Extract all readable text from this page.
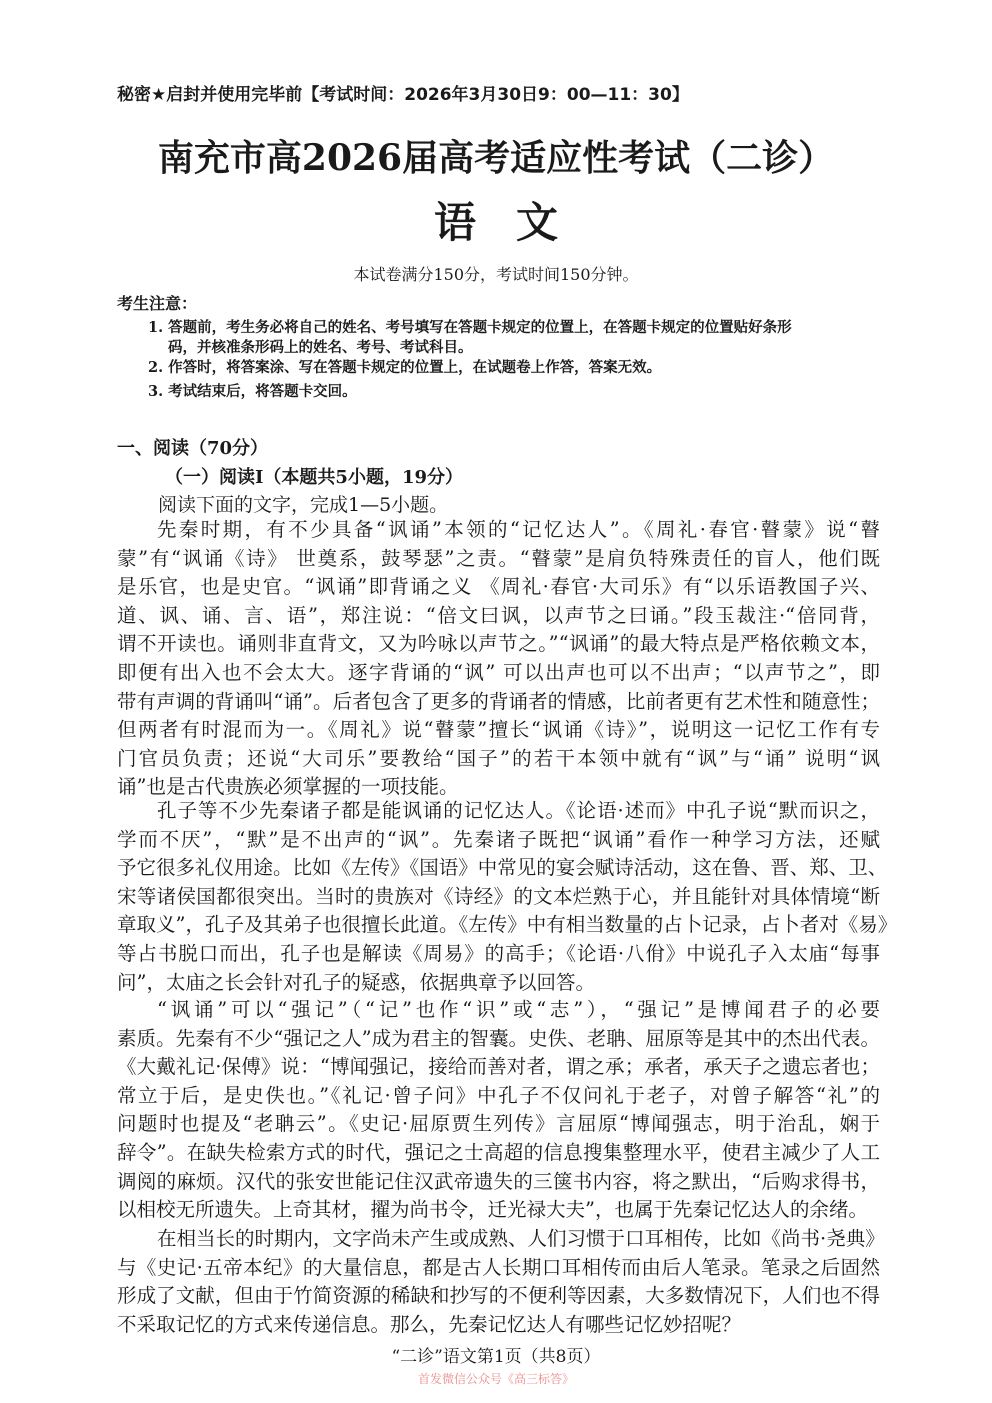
秘密★启封并使用完毕前【考试时间：2026年3月30日9：00—11：30】
南充市高2026届高考适应性考试（二诊）
语文
本试卷满分150分，考试时间150分钟。
考生注意：
1. 答题前，考生务必将自己的姓名、考号填写在答题卡规定的位置上，在答题卡规定的位置贴好条形
码，并核准条形码上的姓名、考号、考试科目。
2. 作答时，将答案涂、写在答题卡规定的位置上，在试题卷上作答，答案无效。
3. 考试结束后，将答题卡交回。
一、阅读（70分）
（一）阅读I（本题共5小题，19分）
阅读下面的文字，完成1—5小题。
先秦时期，有不少具备“讽诵”本领的“记忆达人”。《周礼·春官·瞽蒙》说“瞽
蒙”有“讽诵《诗》 世奠系，鼓琴瑟”之责。“瞽蒙”是肩负特殊责任的盲人，他们既
是乐官，也是史官。“讽诵”即背诵之义 《周礼·春官·大司乐》有“以乐语教国子兴、
道、讽、诵、言、语”，郑注说：“倍文曰讽，以声节之曰诵。”段玉裁注·“倍同背，
谓不开读也。诵则非直背文，又为吟咏以声节之。”“讽诵”的最大特点是严格依赖文本，
即便有出入也不会太大。逐字背诵的“讽” 可以出声也可以不出声；“以声节之”，即
带有声调的背诵叫“诵”。后者包含了更多的背诵者的情感，比前者更有艺术性和随意性；
但两者有时混而为一。《周礼》说“瞽蒙”擅长“讽诵《诗》”，说明这一记忆工作有专
门官员负责；还说“大司乐”要教给“国子”的若干本领中就有“讽”与“诵” 说明“讽
诵”也是古代贵族必须掌握的一项技能。
孔子等不少先秦诸子都是能讽诵的记忆达人。《论语·述而》中孔子说“默而识之，
学而不厌”，“默”是不出声的“讽”。先秦诸子既把“讽诵”看作一种学习方法，还赋
予它很多礼仪用途。比如《左传》《国语》中常见的宴会赋诗活动，这在鲁、晋、郑、卫、
宋等诸侯国都很突出。当时的贵族对《诗经》的文本烂熟于心，并且能针对具体情境“断
章取义”，孔子及其弟子也很擅长此道。《左传》中有相当数量的占卜记录，占卜者对《易》
等占书脱口而出，孔子也是解读《周易》的高手；《论语·八佾》中说孔子入太庙“每事
问”，太庙之长会针对孔子的疑惑，依据典章予以回答。
“讽诵”可以“强记”（“记”也作“识”或“志”），“强记”是博闻君子的必要
素质。先秦有不少“强记之人”成为君主的智囊。史佚、老聃、屈原等是其中的杰出代表。
《大戴礼记·保傅》说：“博闻强记，接给而善对者，谓之承；承者，承天子之遗忘者也；
常立于后，是史佚也。”《礼记·曾子问》中孔子不仅问礼于老子，对曾子解答“礼”的
问题时也提及“老聃云”。《史记·屈原贾生列传》言屈原“博闻强志，明于治乱，娴于
辞令”。在缺失检索方式的时代，强记之士高超的信息搜集整理水平，使君主减少了人工
调阅的麻烦。汉代的张安世能记住汉武帝遗失的三箧书内容，将之默出，“后购求得书，
以相校无所遗失。上奇其材，擢为尚书令，迁光禄大夫”，也属于先秦记忆达人的余绪。
在相当长的时期内，文字尚未产生或成熟、人们习惯于口耳相传，比如《尚书·尧典》
与《史记·五帝本纪》的大量信息，都是古人长期口耳相传而由后人笔录。笔录之后固然
形成了文献，但由于竹简资源的稀缺和抄写的不便利等因素，大多数情况下，人们也不得
不采取记忆的方式来传递信息。那么，先秦记忆达人有哪些记忆妙招呢？
“二诊”语文第1页（共8页）
首发微信公众号《高三标答》
